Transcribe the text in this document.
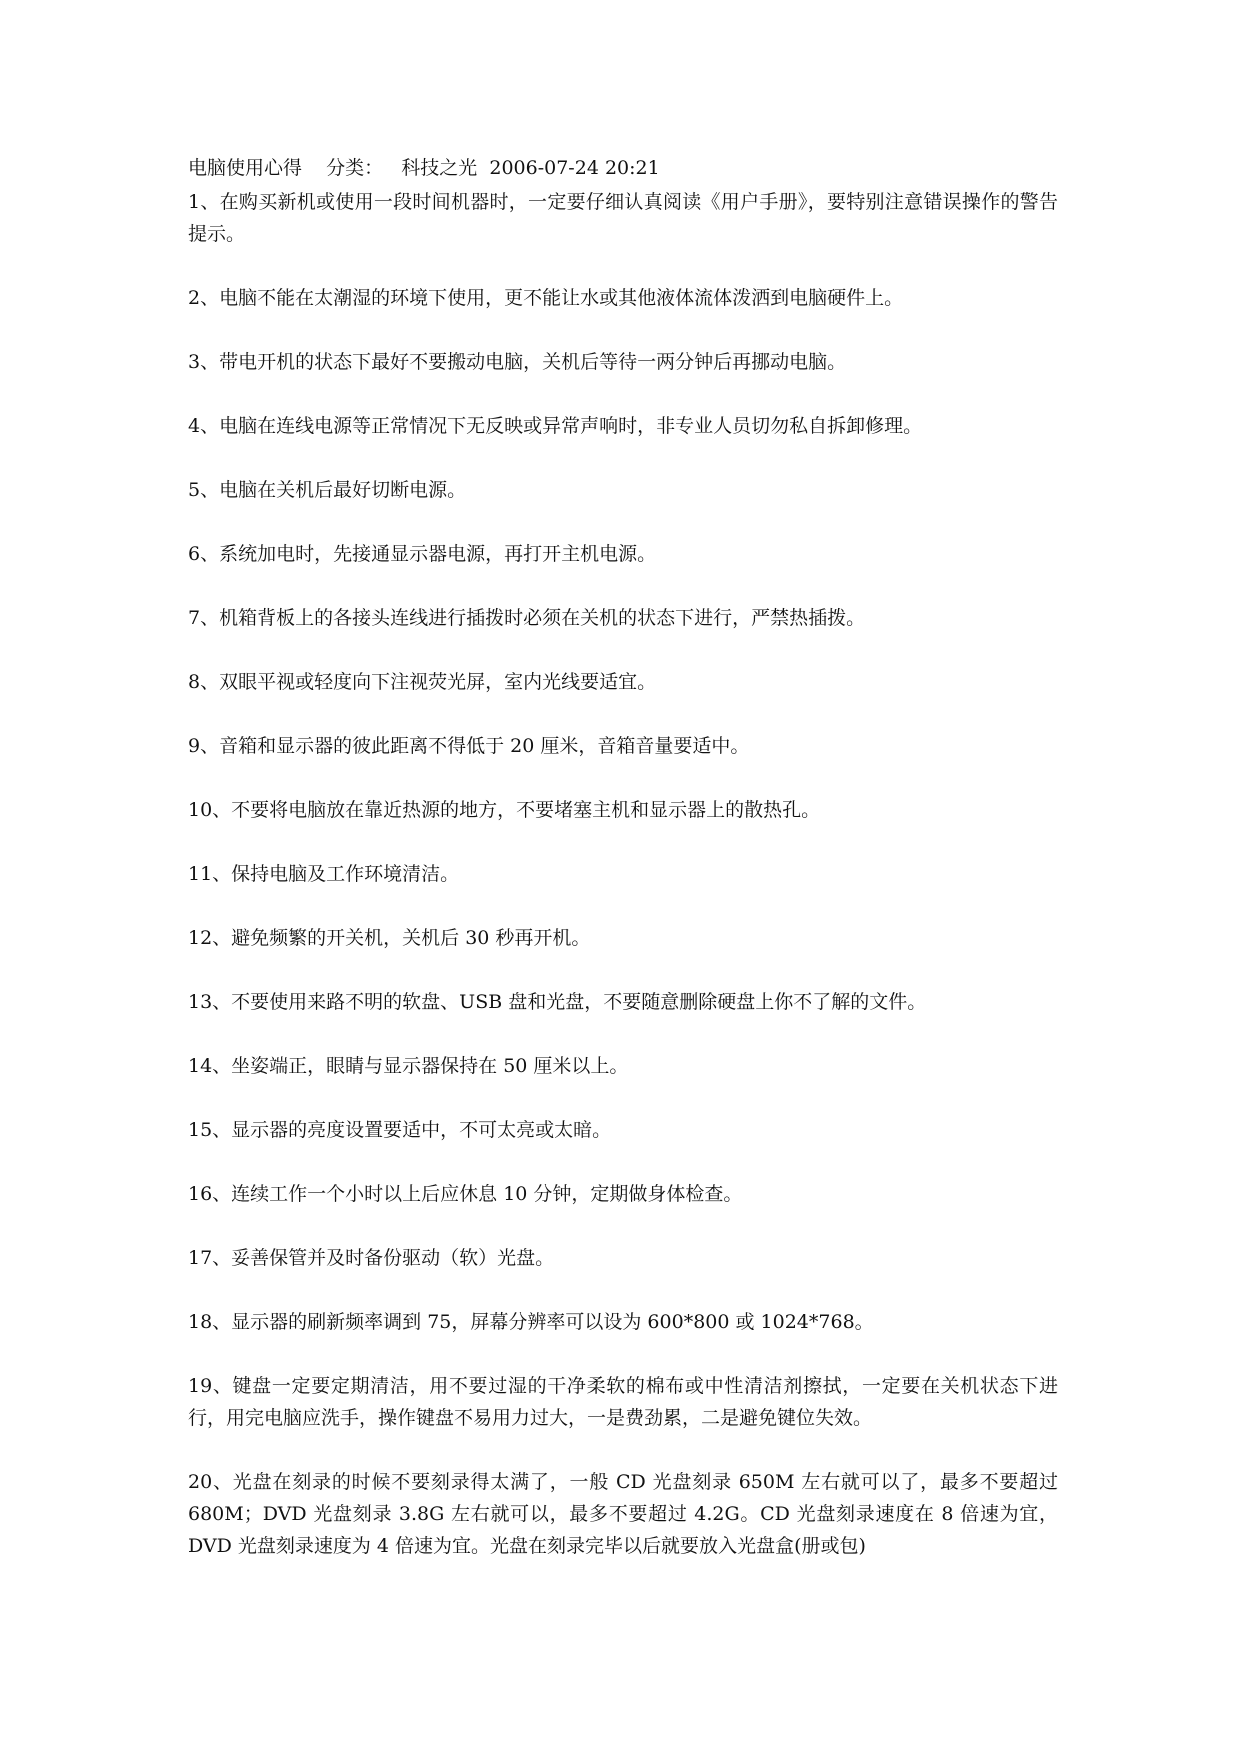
电脑使用心得    分类：   科技之光  2006-07-24 20:21

1、在购买新机或使用一段时间机器时，一定要仔细认真阅读《用户手册》，要特别注意错误操作的警告提示。

2、电脑不能在太潮湿的环境下使用，更不能让水或其他液体流体泼洒到电脑硬件上。

3、带电开机的状态下最好不要搬动电脑，关机后等待一两分钟后再挪动电脑。

4、电脑在连线电源等正常情况下无反映或异常声响时，非专业人员切勿私自拆卸修理。

5、电脑在关机后最好切断电源。

6、系统加电时，先接通显示器电源，再打开主机电源。

7、机箱背板上的各接头连线进行插拨时必须在关机的状态下进行，严禁热插拨。

8、双眼平视或轻度向下注视荧光屏，室内光线要适宜。

9、音箱和显示器的彼此距离不得低于 20 厘米，音箱音量要适中。

10、不要将电脑放在靠近热源的地方，不要堵塞主机和显示器上的散热孔。

11、保持电脑及工作环境清洁。

12、避免频繁的开关机，关机后 30 秒再开机。

13、不要使用来路不明的软盘、USB 盘和光盘，不要随意删除硬盘上你不了解的文件。

14、坐姿端正，眼睛与显示器保持在 50 厘米以上。

15、显示器的亮度设置要适中，不可太亮或太暗。

16、连续工作一个小时以上后应休息 10 分钟，定期做身体检查。

17、妥善保管并及时备份驱动（软）光盘。

18、显示器的刷新频率调到 75，屏幕分辨率可以设为 600*800 或 1024*768。

19、键盘一定要定期清洁，用不要过湿的干净柔软的棉布或中性清洁剂擦拭，一定要在关机状态下进行，用完电脑应洗手，操作键盘不易用力过大，一是费劲累，二是避免键位失效。

20、光盘在刻录的时候不要刻录得太满了，一般 CD 光盘刻录 650M 左右就可以了，最多不要超过 680M；DVD 光盘刻录 3.8G 左右就可以，最多不要超过 4.2G。CD 光盘刻录速度在 8 倍速为宜，DVD 光盘刻录速度为 4 倍速为宜。光盘在刻录完毕以后就要放入光盘盒(册或包)
